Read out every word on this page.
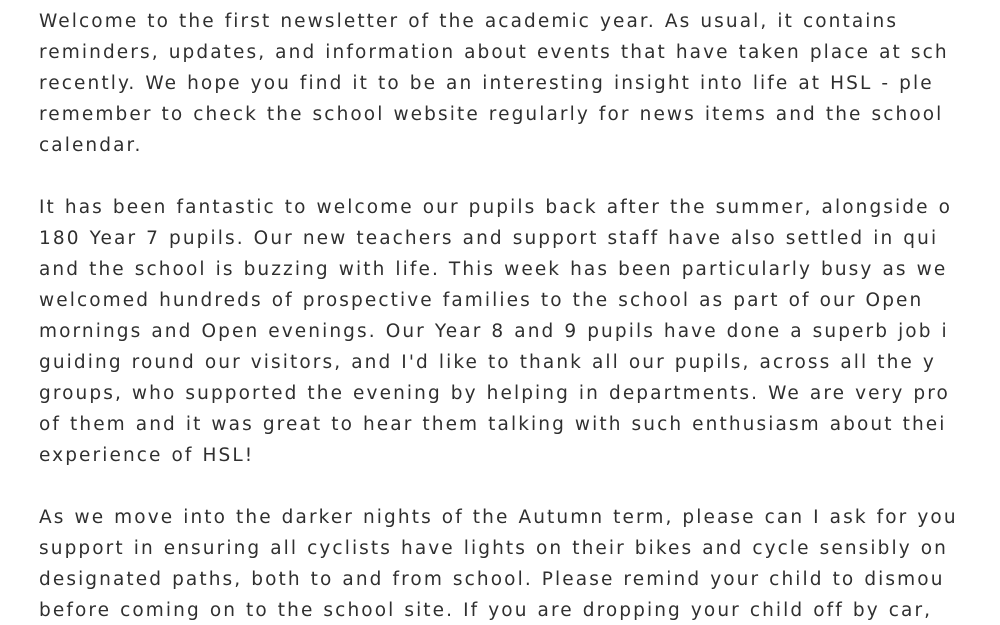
Welcome to the first newsletter of the academic year. As usual, it contains
reminders, updates, and information about events that have taken place at sch
recently. We hope you find it to be an interesting insight into life at HSL - ple
remember to check the school website regularly for news items and the school
calendar.
It has been fantastic to welcome our pupils back after the summer, alongside o
180 Year 7 pupils. Our new teachers and support staff have also settled in qui
and the school is buzzing with life. This week has been particularly busy as we
welcomed hundreds of prospective families to the school as part of our Open
mornings and Open evenings. Our Year 8 and 9 pupils have done a superb job i
guiding round our visitors, and I'd like to thank all our pupils, across all the y
groups, who supported the evening by helping in departments. We are very pro
of them and it was great to hear them talking with such enthusiasm about thei
experience of HSL!
As we move into the darker nights of the Autumn term, please can I ask for you
support in ensuring all cyclists have lights on their bikes and cycle sensibly on
designated paths, both to and from school. Please remind your child to dismou
before coming on to the school site. If you are dropping your child off by car,
